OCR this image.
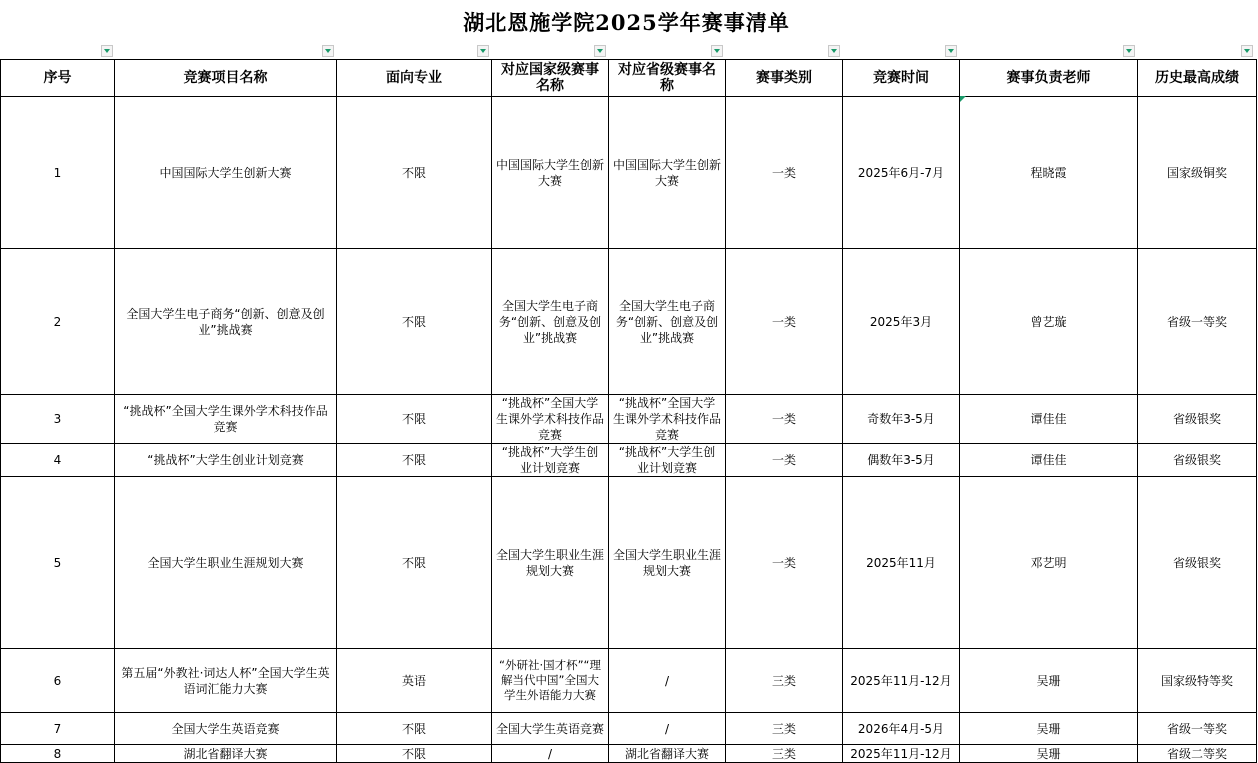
湖北恩施学院2025学年赛事清单
序号	竞赛项目名称	面向专业	对应国家级赛事名称	对应省级赛事名称	赛事类别	竞赛时间	赛事负责老师	历史最高成绩
1	中国国际大学生创新大赛	不限	中国国际大学生创新大赛	中国国际大学生创新大赛	一类	2025年6月-7月	程晓霞	国家级铜奖
2	全国大学生电子商务“创新、创意及创业”挑战赛	不限	全国大学生电子商务“创新、创意及创业”挑战赛	全国大学生电子商务“创新、创意及创业”挑战赛	一类	2025年3月	曾艺璇	省级一等奖
3	“挑战杯”全国大学生课外学术科技作品竞赛	不限	“挑战杯”全国大学生课外学术科技作品竞赛	“挑战杯”全国大学生课外学术科技作品竞赛	一类	奇数年3-5月	谭佳佳	省级银奖
4	“挑战杯”大学生创业计划竞赛	不限	“挑战杯”大学生创业计划竞赛	“挑战杯”大学生创业计划竞赛	一类	偶数年3-5月	谭佳佳	省级银奖
5	全国大学生职业生涯规划大赛	不限	全国大学生职业生涯规划大赛	全国大学生职业生涯规划大赛	一类	2025年11月	邓艺明	省级银奖
6	第五届“外教社·词达人杯”全国大学生英语词汇能力大赛	英语	“外研社·国才杯”“理解当代中国”全国大学生外语能力大赛	/	三类	2025年11月-12月	吴珊	国家级特等奖
7	全国大学生英语竞赛	不限	全国大学生英语竞赛	/	三类	2026年4月-5月	吴珊	省级一等奖
8	湖北省翻译大赛	不限	/	湖北省翻译大赛	三类	2025年11月-12月	吴珊	省级二等奖
